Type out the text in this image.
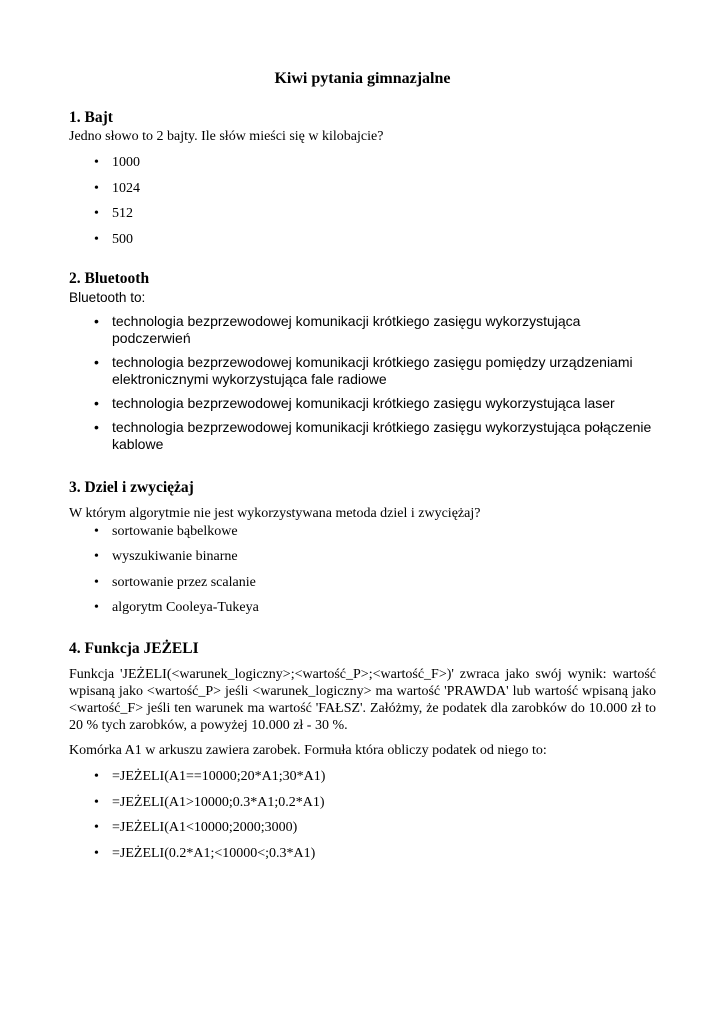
Kiwi pytania gimnazjalne
1. Bajt

Jedno słowo to 2 bajty. Ile słów mieści się w kilobajcie?

• 1000
• 1024
• 512
• 500
2. Bluetooth

Bluetooth to:

• technologia bezprzewodowej komunikacji krótkiego zasięgu wykorzystująca podczerwień
• technologia bezprzewodowej komunikacji krótkiego zasięgu pomiędzy urządzeniami elektronicznymi wykorzystująca fale radiowe
• technologia bezprzewodowej komunikacji krótkiego zasięgu wykorzystująca laser
• technologia bezprzewodowej komunikacji krótkiego zasięgu wykorzystująca połączenie kablowe
3. Dziel i zwyciężaj

W którym algorytmie nie jest wykorzystywana metoda dziel i zwyciężaj?

• sortowanie bąbelkowe
• wyszukiwanie binarne
• sortowanie przez scalanie
• algorytm Cooleya-Tukeya
4. Funkcja JEŻELI

Funkcja 'JEŻELI(<warunek_logiczny>;<wartość_P>;<wartość_F>)' zwraca jako swój wynik: wartość wpisaną jako <wartość_P> jeśli <warunek_logiczny> ma wartość 'PRAWDA' lub wartość wpisaną jako <wartość_F> jeśli ten warunek ma wartość 'FAŁSZ'. Załóżmy, że podatek dla zarobków do 10.000 zł to 20 % tych zarobków, a powyżej 10.000 zł - 30 %.

Komórka A1 w arkuszu zawiera zarobek. Formuła która obliczy podatek od niego to:

• =JEŻELI(A1==10000;20*A1;30*A1)
• =JEŻELI(A1>10000;0.3*A1;0.2*A1)
• =JEŻELI(A1<10000;2000;3000)
• =JEŻELI(0.2*A1;<10000<;0.3*A1)
